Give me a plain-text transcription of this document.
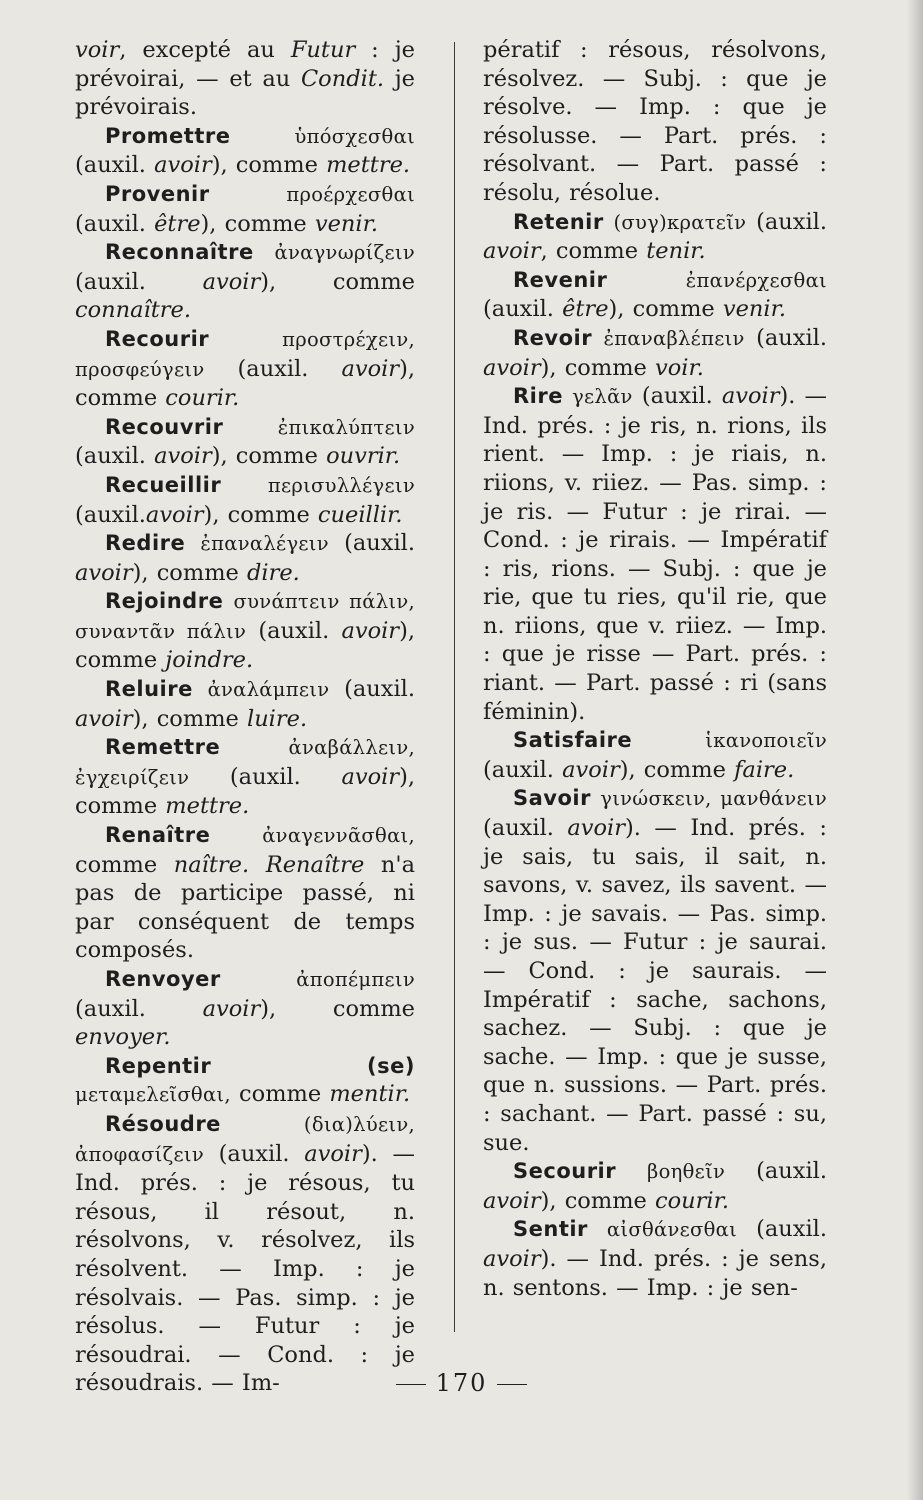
voir, excepté au Futur : je prévoirai, — et au Condit. je prévoirais.

Promettre	ὑπόσχεσθαι (auxil. avoir), comme mettre.

Provenir	προέρχεσθαι (auxil. être), comme venir.

Reconnaître ἀναγνωρίζειν (auxil. avoir), comme connaître.

Recourir	προστρέχειν, προσφεύγειν (auxil. avoir), comme courir.

Recouvrir	ἐπικαλύπτειν (auxil. avoir), comme ouvrir.

Recueillir περισυλλέγειν (auxil.avoir), comme cueillir.

Redire ἐπαναλέγειν (auxil. avoir), comme dire.

Rejoindre συνάπτειν πάλιν, συναντᾶν πάλιν (auxil. avoir), comme joindre.

Reluire ἀναλάμπειν (auxil. avoir), comme luire.

Remettre	ἀναβάλλειν, ἐγχειρίζειν (auxil. avoir), comme mettre.

Renaître	ἀναγεννᾶσθαι, comme naître. Renaître n'a pas de participe passé, ni par conséquent de temps composés.

Renvoyer	ἀποπέμπειν (auxil. avoir), comme envoyer.

Repentir (se) μεταμελεῖσθαι, comme mentir.

Résoudre	(δια)λύειν, ἀποφασίζειν (auxil. avoir). — Ind. prés. : je résous, tu résous, il résout, n. résolvons, v. résolvez, ils résolvent. — Imp. : je résolvais. — Pas. simp. : je résolus. — Futur : je résoudrai. — Cond. : je résoudrais. — Im-

pératif : résous, résolvons, résolvez. — Subj. : que je résolve. — Imp. : que je résolusse. — Part. prés. : résolvant. — Part. passé : résolu, résolue.

Retenir (συγ)κρατεῖν (auxil. avoir, comme tenir.

Revenir	ἐπανέρχεσθαι (auxil. être), comme venir.

Revoir ἐπαναβλέπειν (auxil. avoir), comme voir.

Rire γελᾶν (auxil. avoir). — Ind. prés. : je ris, n. rions, ils rient. — Imp. : je riais, n. riions, v. riiez. — Pas. simp. : je ris. — Futur : je rirai. — Cond. : je rirais. — Impératif : ris, rions. — Subj. : que je rie, que tu ries, qu'il rie, que n. riions, que v. riiez. — Imp. : que je risse — Part. prés. : riant. — Part. passé : ri (sans féminin).

Satisfaire	ἱκανοποιεῖν (auxil. avoir), comme faire.

Savoir γινώσκειν, μανθάνειν (auxil. avoir). — Ind. prés. : je sais, tu sais, il sait, n. savons, v. savez, ils savent. — Imp. : je savais. — Pas. simp. : je sus. — Futur : je saurai. — Cond. : je saurais. — Impératif : sache, sachons, sachez. — Subj. : que je sache. — Imp. : que je susse, que n. sussions. — Part. prés. : sachant. — Part. passé : su, sue.

Secourir βοηθεῖν (auxil. avoir), comme courir.

Sentir αἰσθάνεσθαι (auxil. avoir). — Ind. prés. : je sens, n. sentons. — Imp. : je sen-

170
